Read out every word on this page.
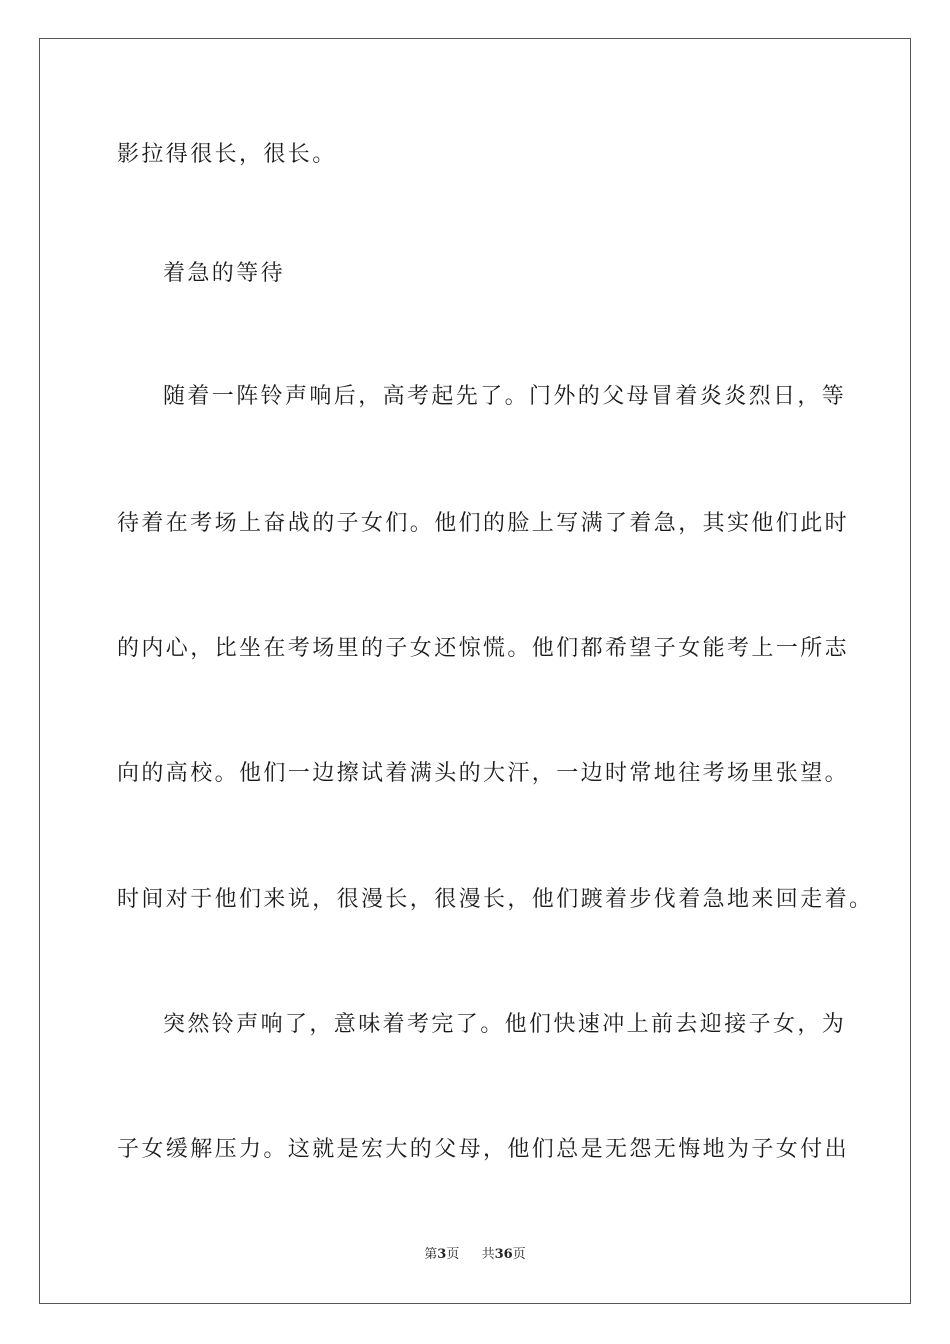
影拉得很长，很长。
着急的等待
随着一阵铃声响后，高考起先了。门外的父母冒着炎炎烈日，等
待着在考场上奋战的子女们。他们的脸上写满了着急，其实他们此时
的内心，比坐在考场里的子女还惊慌。他们都希望子女能考上一所志
向的高校。他们一边擦试着满头的大汗，一边时常地往考场里张望。
时间对于他们来说，很漫长，很漫长，他们踱着步伐着急地来回走着。
突然铃声响了，意味着考完了。他们快速冲上前去迎接子女，为
子女缓解压力。这就是宏大的父母，他们总是无怨无悔地为子女付出
第3页 共36页
